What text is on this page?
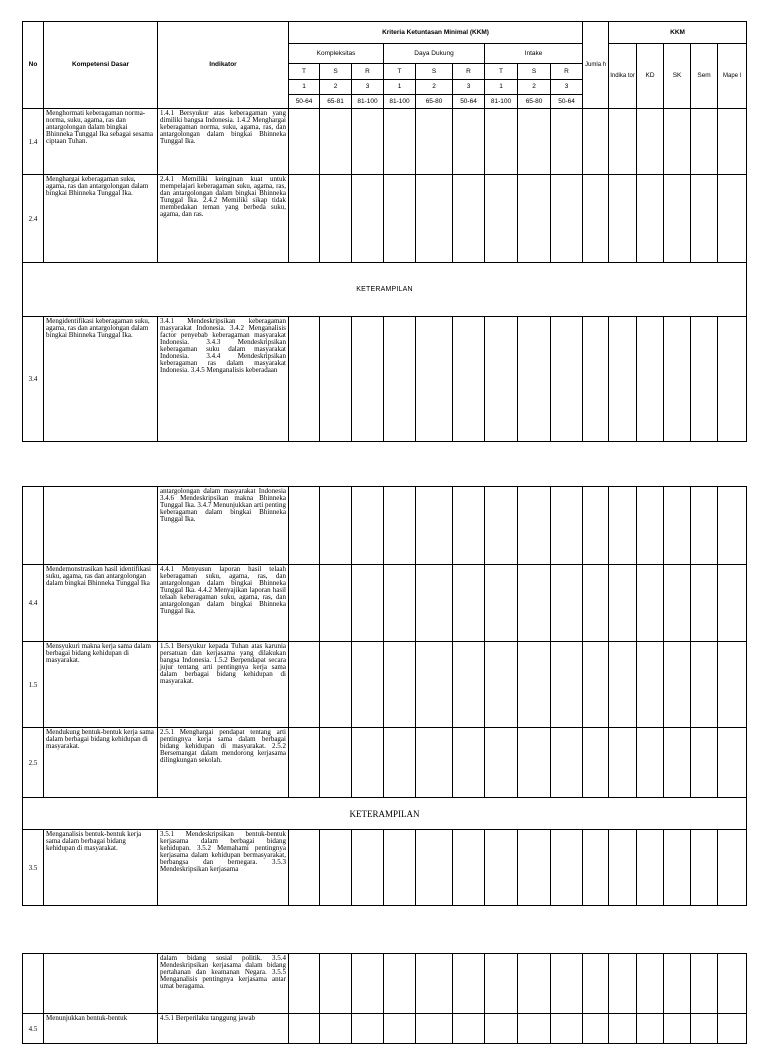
No	Kompetensi Dasar	Indikator	Kriteria Ketuntasan Minimal (KKM)									Jumla h	KKM				
			Kompleksitas			Daya Dukung			Intake				Indika tor	KD	SK	Sem	Mape l
			T	S	R	T	S	R	T	S	R						
			1	2	3	1	2	3	1	2	3						
			50-64	65-81	81-100	81-100	65-80	50-64	81-100	65-80	50-64						
1.4	Menghormati keberagaman norma-norma, suku, agama, ras dan antargolongan dalam bingkai Bhinneka Tunggal Ika sebagai sesama ciptaan Tuhan.	1.4.1 Bersyukur atas keberagaman yang dimiliki bangsa Indonesia. 1.4.2 Menghargai keberagaman norma, suku, agama, ras, dan antargolongan dalam bingkai Bhinneka Tunggal Ika.															
2.4	Menghargai keberagaman suku, agama, ras dan antargolongan dalam bingkai Bhinneka Tunggal Ika.	2.4.1 Memiliki keinginan kuat untuk mempelajari keberagaman suku, agama, ras, dan antargolongan dalam bingkai Bhinneka Tunggal Ika. 2.4.2 Memiliki sikap tidak membedakan teman yang berbeda suku, agama, dan ras.															
KETERAMPILAN																	
3.4	Mengidentifikasi keberagaman suku, agama, ras dan antargolongan dalam bingkai Bhinneka Tunggal Ika.	3.4.1 Mendeskripsikan keberagaman masyarakat Indonesia. 3.4.2 Menganalisis factor penyebab keberagaman masyarakat Indonesia. 3.4.3 Mendeskripsikan keberagaman suku dalam masyarakat Indonesia. 3.4.4 Mendeskripsikan keberagaman ras dalam masyarakat Indonesia. 3.4.5 Menganalisis keberadaan															
		antargolongan dalam masyarakat Indonesia 3.4.6 Mendeskripsikan makna Bhinneka Tunggal Ika. 3.4.7 Menunjukkan arti penting keberagaman dalam bingkai Bhinneka Tunggal Ika.															
4.4	Mendemonstrasikan hasil identifikasi suku, agama, ras dan antargolongan dalam bingkai Bhinneka Tunggal Ika	4.4.1 Menyusun laporan hasil telaah keberagaman suku, agama, ras, dan antargolongan dalam bingkai Bhinneka Tunggal Ika. 4.4.2 Menyajikan laporan hasil telaah keberagaman suku, agama, ras, dan antargolongan dalam bingkai Bhinneka Tunggal Ika.															
1.5	Mensyukuri makna kerja sama dalam berbagai bidang kehidupan di masyarakat.	1.5.1 Bersyukur kepada Tuhan atas karunia persatuan dan kerjasama yang dilakukan bangsa Indonesia. 1.5.2 Berpendapat secara jujur tentang arti pentingnya kerja sama dalam berbagai bidang kehidupan di masyarakat.															
2.5	Mendukung bentuk-bentuk kerja sama dalam berbagai bidang kehidupan di masyarakat.	2.5.1 Menghargai pendapat tentang arti pentingnya kerja sama dalam berbagai bidang kehidupan di masyarakat. 2.5.2 Bersemangat dalam mendorong kerjasama dilingkungan sekolah.															
KETERAMPILAN																	
3.5	Menganalisis bentuk-bentuk kerja sama dalam berbagai bidang kehidupan di masyarakat.	3.5.1 Mendeskripsikan bentuk-bentuk kerjasama dalam berbagai bidang kehidupan. 3.5.2 Memahami pentingnya kerjasama dalam kehidupan bermasyarakat, berbangsa dan bernegara. 3.5.3 Mendeskripsikan kerjasama															
		dalam bidang sosial politik. 3.5.4 Mendeskripsikan kerjasama dalam bidang pertahanan dan keamanan Negara. 3.5.5 Menganalisis pentingnya kerjasama antar umat beragama.															
4.5	Menunjukkan bentuk-bentuk	4.5.1 Berperilaku tanggung jawab															
